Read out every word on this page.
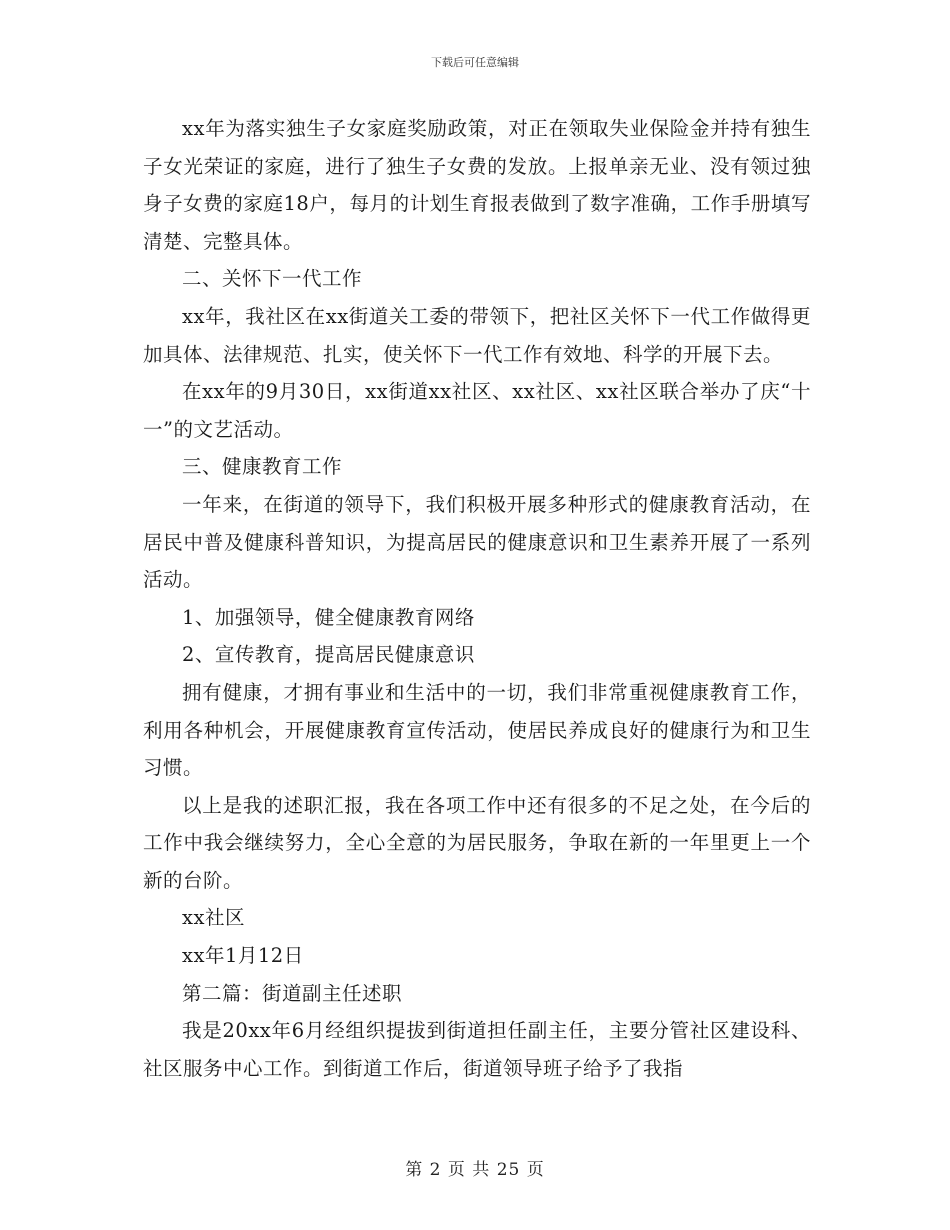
下载后可任意编辑

xx年为落实独生子女家庭奖励政策，对正在领取失业保险金并持有独生子女光荣证的家庭，进行了独生子女费的发放。上报单亲无业、没有领过独身子女费的家庭18户，每月的计划生育报表做到了数字准确，工作手册填写清楚、完整具体。

二、关怀下一代工作

xx年，我社区在xx街道关工委的带领下，把社区关怀下一代工作做得更加具体、法律规范、扎实，使关怀下一代工作有效地、科学的开展下去。

在xx年的9月30日，xx街道xx社区、xx社区、xx社区联合举办了庆“十一”的文艺活动。

三、健康教育工作

一年来，在街道的领导下，我们积极开展多种形式的健康教育活动，在居民中普及健康科普知识，为提高居民的健康意识和卫生素养开展了一系列活动。

1、加强领导，健全健康教育网络

2、宣传教育，提高居民健康意识

拥有健康，才拥有事业和生活中的一切，我们非常重视健康教育工作，利用各种机会，开展健康教育宣传活动，使居民养成良好的健康行为和卫生习惯。

以上是我的述职汇报，我在各项工作中还有很多的不足之处，在今后的工作中我会继续努力，全心全意的为居民服务，争取在新的一年里更上一个新的台阶。

xx社区

xx年1月12日

第二篇：街道副主任述职

我是20xx年6月经组织提拔到街道担任副主任，主要分管社区建设科、社区服务中心工作。到街道工作后，街道领导班子给予了我指

第 2 页 共 25 页
